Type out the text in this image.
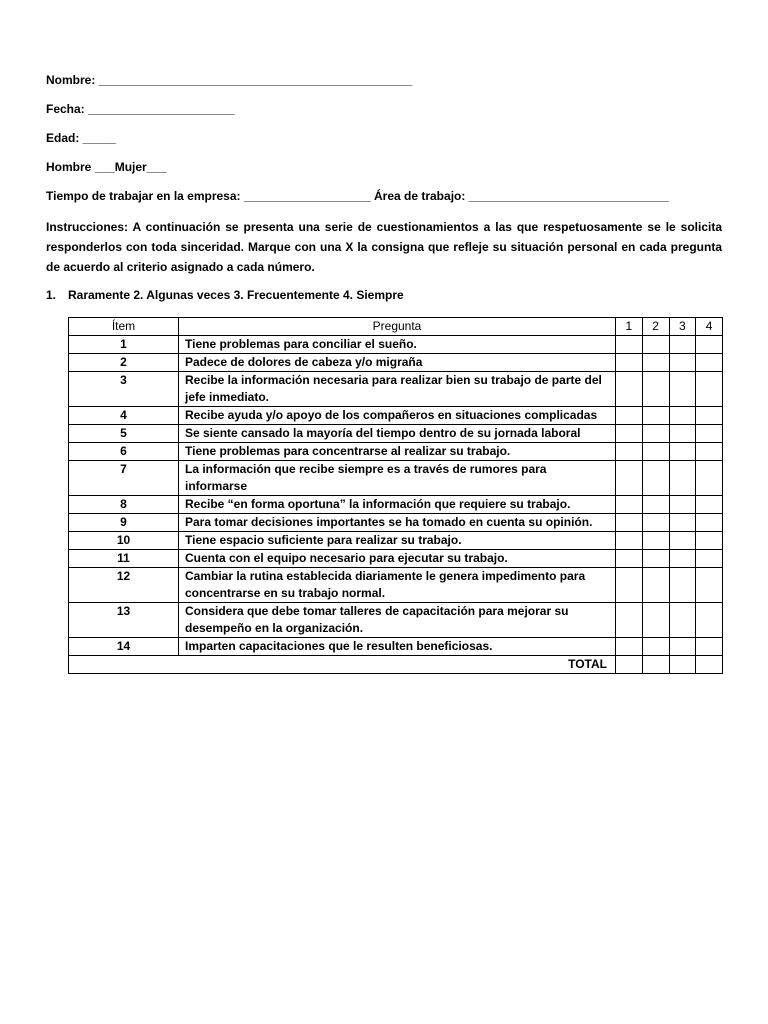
Nombre: _______________________________________________
Fecha: ______________________
Edad: _____
Hombre ___Mujer___
Tiempo de trabajar en la empresa: ___________________ Área de trabajo: ______________________________

Instrucciones: A continuación se presenta una serie de cuestionamientos a las que respetuosamente se le solicita responderlos con toda sinceridad. Marque con una X la consigna que refleje su situación personal en cada pregunta de acuerdo al criterio asignado a cada número.

1. Raramente 2. Algunas veces 3. Frecuentemente 4. Siempre
Ítem	Pregunta	1	2	3	4
1	Tiene problemas para conciliar el sueño.				
2	Padece de dolores de cabeza y/o migraña				
3	Recibe la información necesaria para realizar bien su trabajo de parte del jefe inmediato.				
4	Recibe ayuda y/o apoyo de los compañeros en situaciones complicadas				
5	Se siente cansado la mayoría del tiempo dentro de su jornada laboral				
6	Tiene problemas para concentrarse al realizar su trabajo.				
7	La información que recibe siempre es a través de rumores para informarse				
8	Recibe “en forma oportuna” la información que requiere su trabajo.				
9	Para tomar decisiones importantes se ha tomado en cuenta su opinión.				
10	Tiene espacio suficiente para realizar su trabajo.				
11	Cuenta con el equipo necesario para ejecutar su trabajo.				
12	Cambiar la rutina establecida diariamente le genera impedimento para concentrarse en su trabajo normal.				
13	Considera que debe tomar talleres de capacitación para mejorar su desempeño en la organización.				
14	Imparten capacitaciones que le resulten beneficiosas.				
TOTAL					
